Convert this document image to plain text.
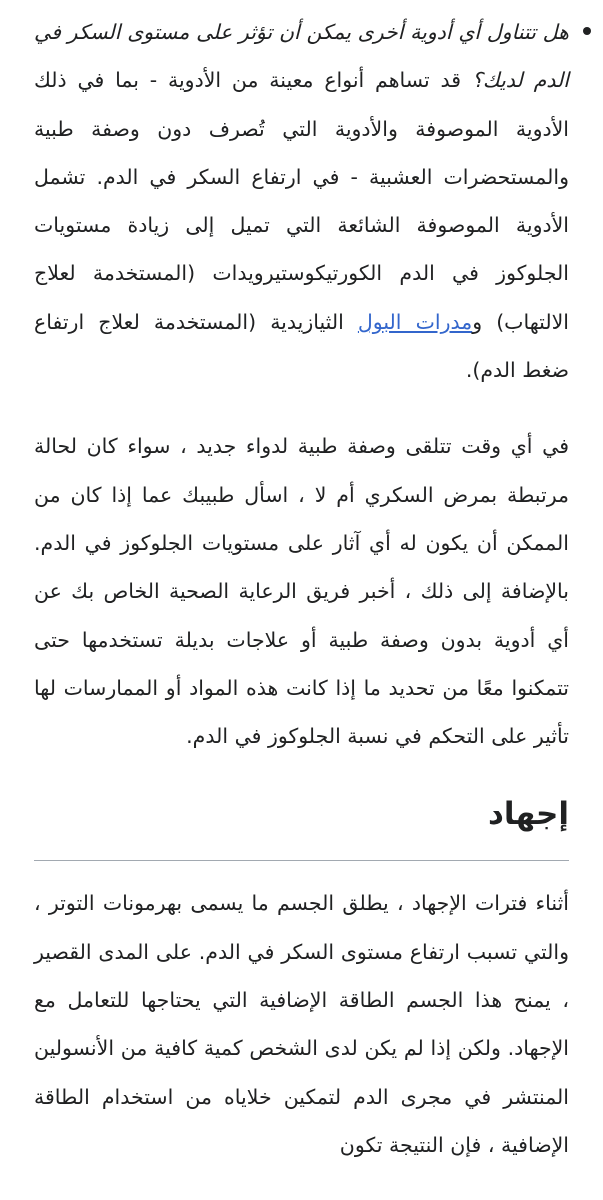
هل تتناول أي أدوية أخرى يمكن أن تؤثر على مستوى السكر في الدم لديك؟ قد تساهم أنواع معينة من الأدوية - بما في ذلك الأدوية الموصوفة والأدوية التي تُصرف دون وصفة طبية والمستحضرات العشبية - في ارتفاع السكر في الدم. تشمل الأدوية الموصوفة الشائعة التي تميل إلى زيادة مستويات الجلوكوز في الدم الكورتيكوستيرويدات (المستخدمة لعلاج الالتهاب) ومدرات البول الثيازيدية (المستخدمة لعلاج ارتفاع ضغط الدم).

في أي وقت تتلقى وصفة طبية لدواء جديد ، سواء كان لحالة مرتبطة بمرض السكري أم لا ، اسأل طبيبك عما إذا كان من الممكن أن يكون له أي آثار على مستويات الجلوكوز في الدم. بالإضافة إلى ذلك ، أخبر فريق الرعاية الصحية الخاص بك عن أي أدوية بدون وصفة طبية أو علاجات بديلة تستخدمها حتى تتمكنوا معًا من تحديد ما إذا كانت هذه المواد أو الممارسات لها تأثير على التحكم في نسبة الجلوكوز في الدم.

إجهاد

أثناء فترات الإجهاد ، يطلق الجسم ما يسمى بهرمونات التوتر ، والتي تسبب ارتفاع مستوى السكر في الدم. على المدى القصير ، يمنح هذا الجسم الطاقة الإضافية التي يحتاجها للتعامل مع الإجهاد. ولكن إذا لم يكن لدى الشخص كمية كافية من الأنسولين المنتشر في مجرى الدم لتمكين خلاياه من استخدام الطاقة الإضافية ، فإن النتيجة تكون
